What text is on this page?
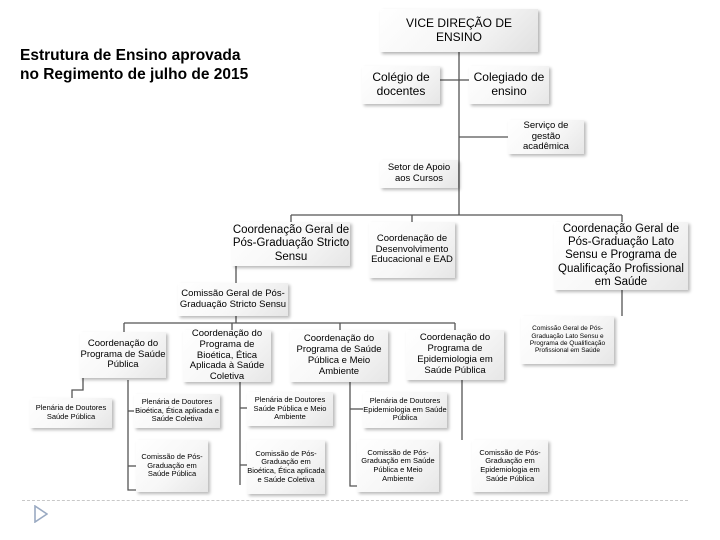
Estrutura de Ensino aprovada
no Regimento de julho de 2015
VICE DIREÇÃO DE ENSINO
Colégio de docentes
Colegiado de ensino
Serviço de gestão acadêmica
Setor de Apoio aos Cursos
Coordenação Geral de Pós-Graduação Stricto Sensu
Coordenação de Desenvolvimento Educacional e EAD
Coordenação Geral de Pós-Graduação Lato Sensu e Programa de Qualificação Profissional em Saúde
Comissão Geral de Pós-Graduação Stricto Sensu
Coordenação do Programa de Saúde Pública
Coordenação do Programa de Bioética, Ética Aplicada à Saúde Coletiva
Coordenação do Programa de Saúde Pública e Meio Ambiente
Coordenação do Programa de Epidemiologia em Saúde Pública
Comissão Geral de Pós-Graduação Lato Sensu e Programa de Qualificação Profissional em Saúde
Plenária de Doutores Saúde Pública
Plenária de Doutores Bioética, Ética aplicada e Saúde Coletiva
Plenária de Doutores Saúde Pública e Meio Ambiente
Plenária de Doutores Epidemiologia em Saúde Pública
Comissão de Pós-Graduação em Saúde Pública
Comissão de Pós-Graduação em Bioética, Ética aplicada e Saúde Coletiva
Comissão de Pós-Graduação em Saúde Pública e Meio Ambiente
Comissão de Pós-Graduação em Epidemiologia em Saúde Pública
